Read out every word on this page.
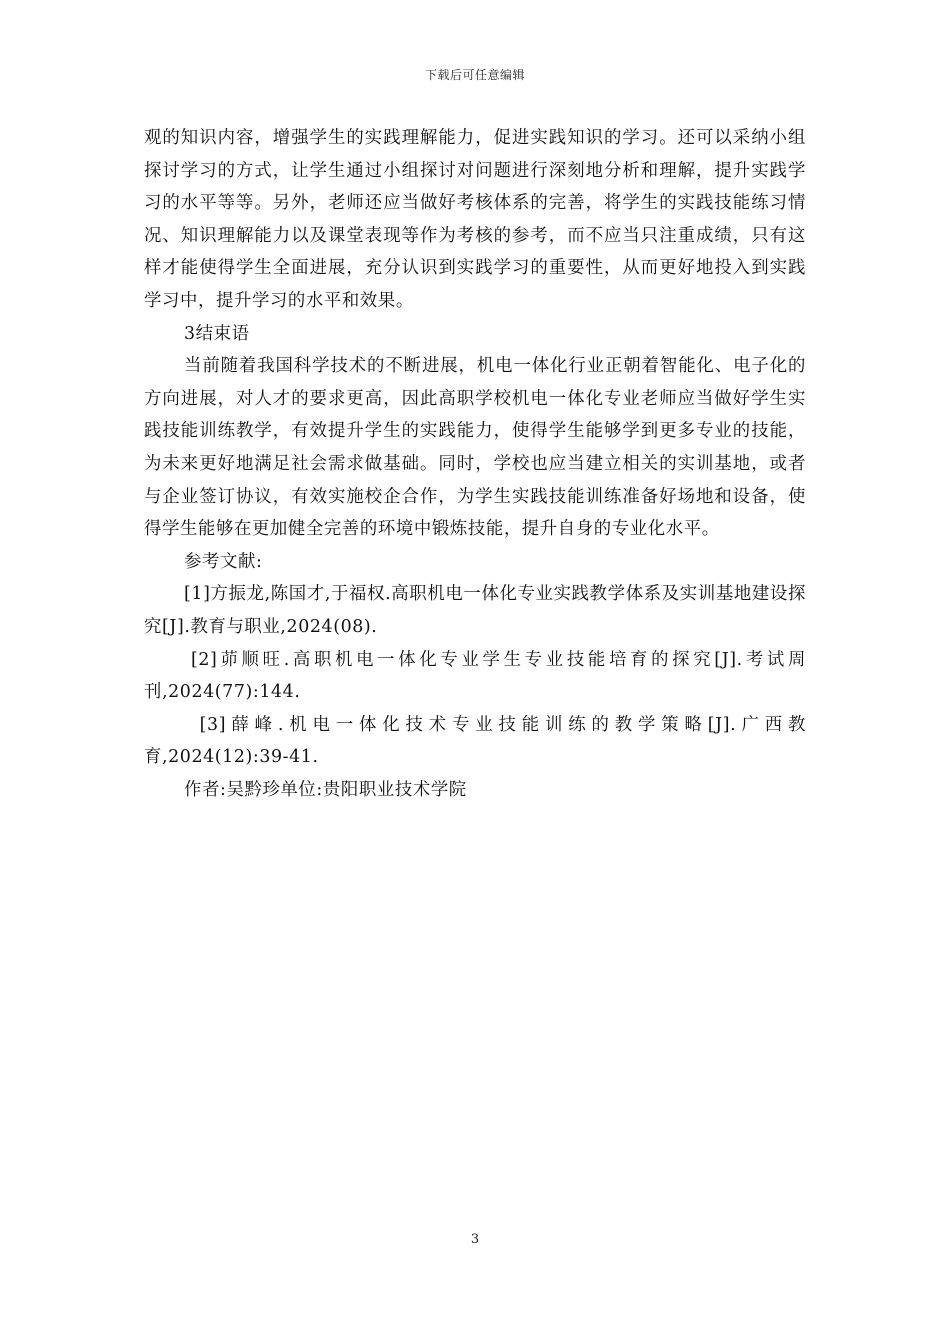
下载后可任意编辑

观的知识内容，增强学生的实践理解能力，促进实践知识的学习。还可以采纳小组探讨学习的方式，让学生通过小组探讨对问题进行深刻地分析和理解，提升实践学习的水平等等。另外，老师还应当做好考核体系的完善，将学生的实践技能练习情况、知识理解能力以及课堂表现等作为考核的参考，而不应当只注重成绩，只有这样才能使得学生全面进展，充分认识到实践学习的重要性，从而更好地投入到实践学习中，提升学习的水平和效果。

3结束语

当前随着我国科学技术的不断进展，机电一体化行业正朝着智能化、电子化的方向进展，对人才的要求更高，因此高职学校机电一体化专业老师应当做好学生实践技能训练教学，有效提升学生的实践能力，使得学生能够学到更多专业的技能，为未来更好地满足社会需求做基础。同时，学校也应当建立相关的实训基地，或者与企业签订协议，有效实施校企合作，为学生实践技能训练准备好场地和设备，使得学生能够在更加健全完善的环境中锻炼技能，提升自身的专业化水平。

参考文献:

[1]方振龙,陈国才,于福权.高职机电一体化专业实践教学体系及实训基地建设探究[J].教育与职业,2024(08).

[2]茆顺旺.高职机电一体化专业学生专业技能培育的探究[J].考试周刊,2024(77):144.

[3]薛峰.机电一体化技术专业技能训练的教学策略[J].广西教育,2024(12):39-41.

作者:吴黔珍单位:贵阳职业技术学院

3
